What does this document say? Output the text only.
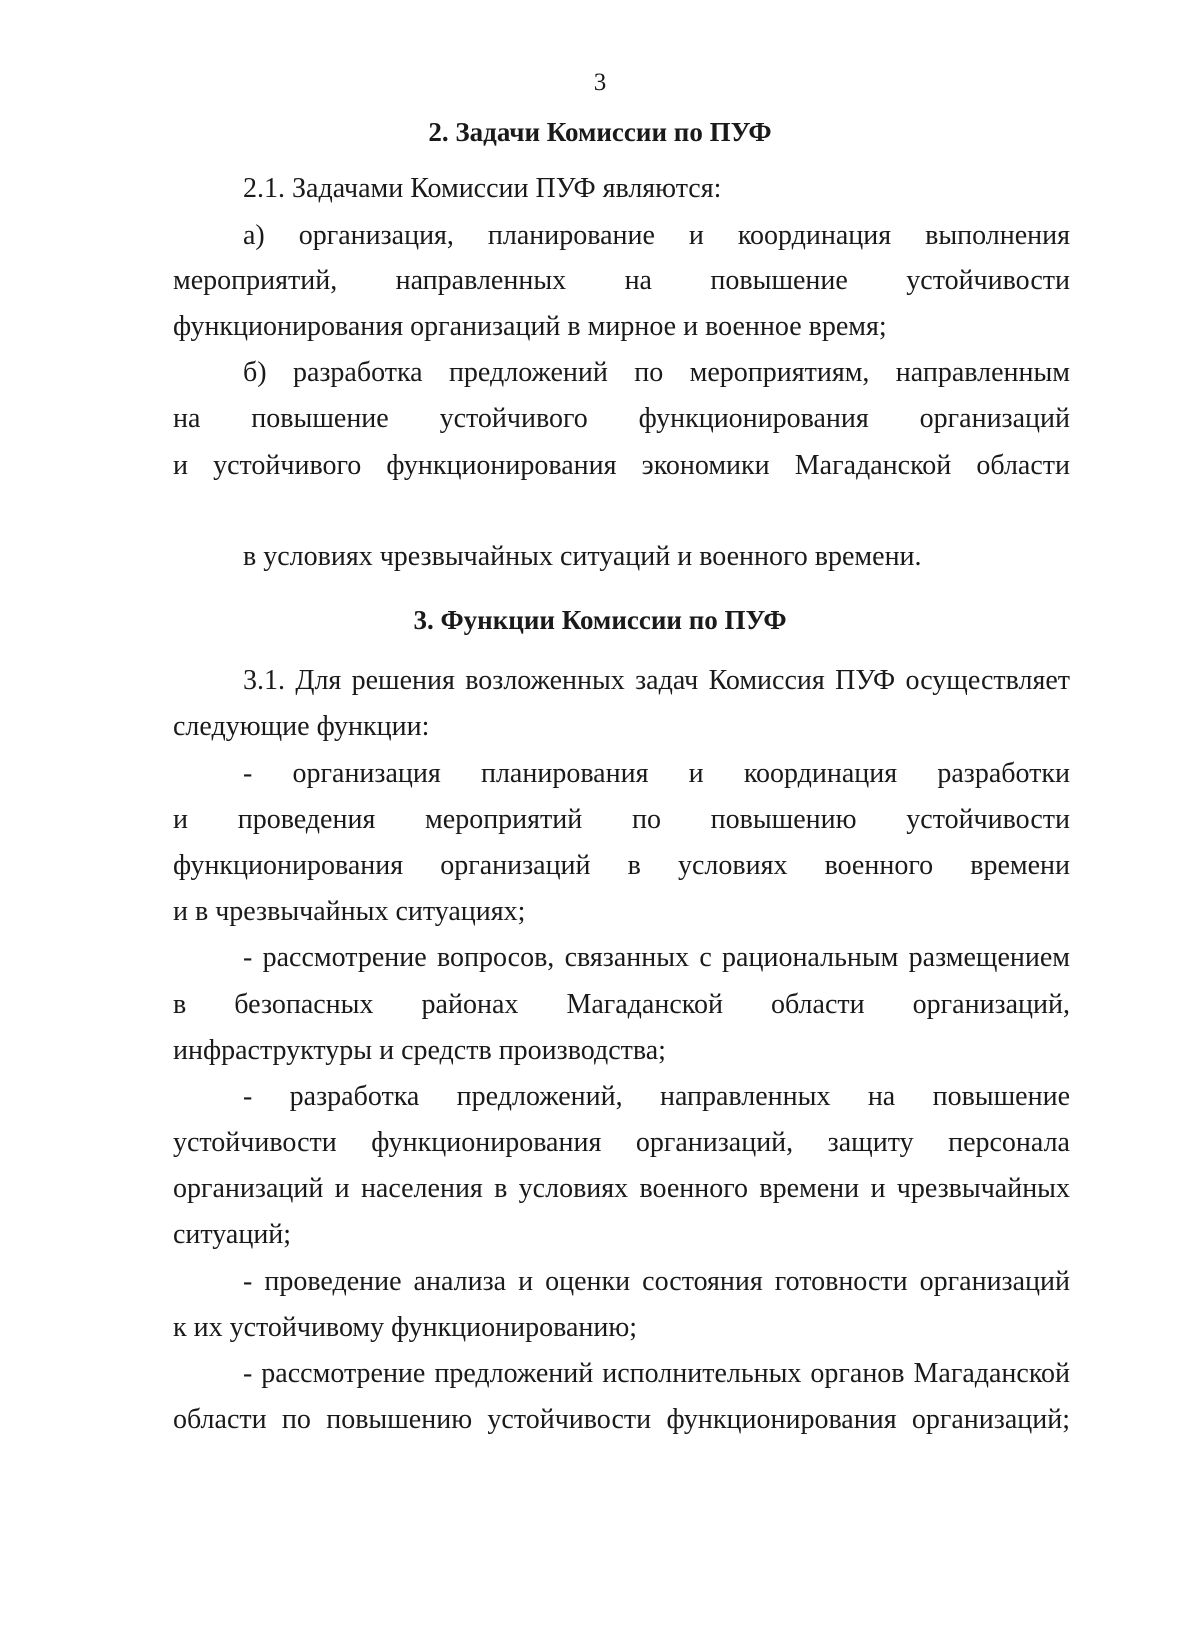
3
2. Задачи Комиссии по ПУФ
2.1. Задачами Комиссии ПУФ являются:
а) организация, планирование и координация выполнения
мероприятий, направленных на повышение устойчивости
функционирования организаций в мирное и военное время;
б) разработка предложений по мероприятиям, направленным
на повышение устойчивого функционирования организаций
и устойчивого функционирования экономики Магаданской области
в условиях чрезвычайных ситуаций и военного времени.
3. Функции Комиссии по ПУФ
3.1. Для решения возложенных задач Комиссия ПУФ осуществляет
следующие функции:
- организация планирования и координация разработки
и проведения мероприятий по повышению устойчивости
функционирования организаций в условиях военного времени
и в чрезвычайных ситуациях;
- рассмотрение вопросов, связанных с рациональным размещением
в безопасных районах Магаданской области организаций,
инфраструктуры и средств производства;
- разработка предложений, направленных на повышение
устойчивости функционирования организаций, защиту персонала
организаций и населения в условиях военного времени и чрезвычайных
ситуаций;
- проведение анализа и оценки состояния готовности организаций
к их устойчивому функционированию;
- рассмотрение предложений исполнительных органов Магаданской
области по повышению устойчивости функционирования организаций;
